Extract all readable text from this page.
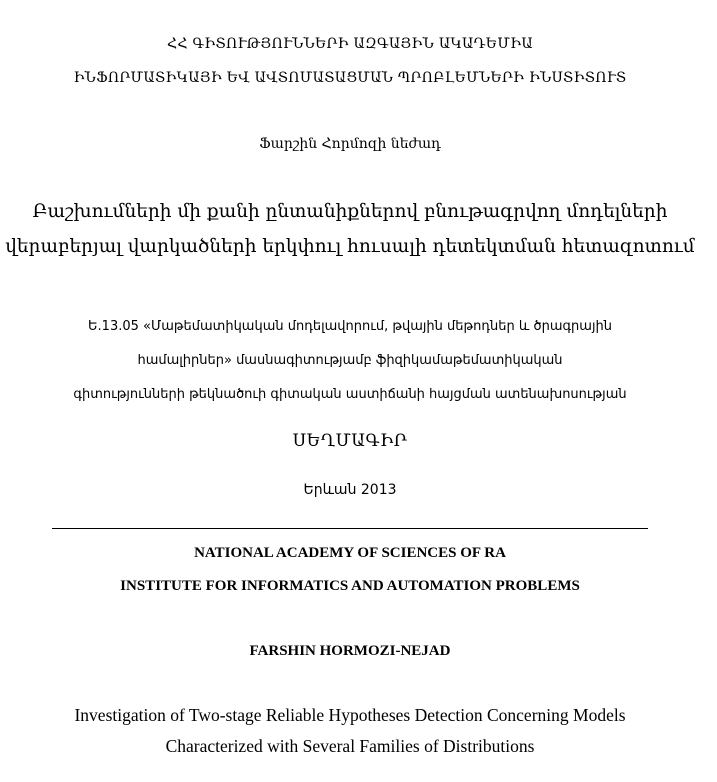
ՀՀ ԳԻՏՈՒԹՅՈՒՆՆԵՐԻ ԱԶԳԱՅԻՆ ԱԿԱԴԵՄԻԱ
ԻՆՖՈՐՄԱՏԻԿԱՅԻ ԵՎ ԱՎՏՈՄԱՏԱՑՄԱՆ ՊՐՈԲԼԵՄՆԵՐԻ ԻՆՍՏԻՏՈՒՏ
Ֆարշին Հորմոզի նեժադ
Բաշխումների մի քանի ընտանիքներով բնութագրվող մոդելների
վերաբերյալ վարկածների երկփուլ հուսալի դետեկտման հետազոտում
Ե.13.05 «Մաթեմատիկական մոդելավորում, թվային մեթոդներ և ծրագրային
համալիրներ» մասնագիտությամբ ֆիզիկամաթեմատիկական
գիտությունների թեկնածուի գիտական աստիճանի հայցման ատենախոսության
ՍԵՂՄԱԳԻՐ
Երևան 2013
NATIONAL ACADEMY OF SCIENCES OF RA
INSTITUTE FOR INFORMATICS AND AUTOMATION PROBLEMS
FARSHIN HORMOZI-NEJAD
Investigation of Two-stage Reliable Hypotheses Detection Concerning Models
Characterized with Several Families of Distributions
